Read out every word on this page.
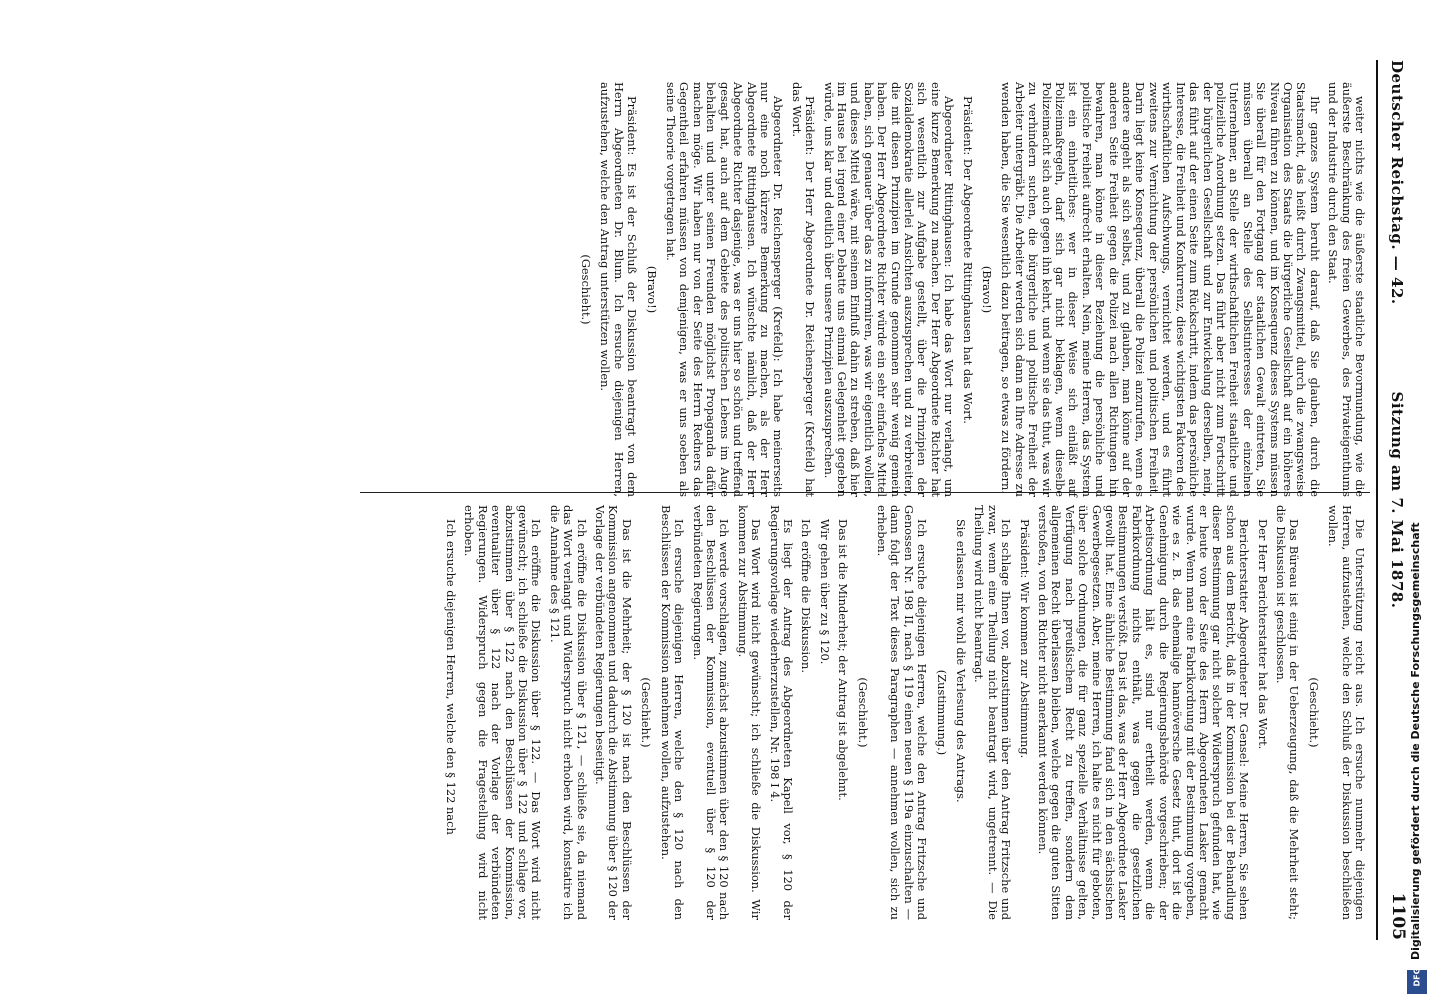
Deutscher Reichstag. — 42.
Sitzung am 7. Mai 1878.
1105

weiter nichts wie die äußerste staatliche Bevormundung, wie die äußerste Beschränkung des freien Gewerbes, des Privateigenthums und der Industrie durch den Staat.

Ihr ganzes System beruht darauf, daß Sie glauben, durch die Staatsmacht, das heißt durch Zwangsmittel, durch die zwangsweise Organisation des Staats die bürgerliche Gesellschaft auf ein höheres Niveau führen zu können, und im Konsequenz dieses Systems müssen Sie überall für den Fortgang der staatlichen Gewalt eintreten, Sie müssen überall an Stelle des Selbstinteresses der einzelnen Unternehmer, an Stelle der wirthschaftlichen Freiheit staatliche und polizeiliche Anordnung setzen. Das führt aber nicht zum Fortschritt der bürgerlichen Gesellschaft und zur Entwickelung derselben, nein, das führt auf der einen Seite zum Rückschritt, indem das persönliche Interesse, die Freiheit und Konkurrenz, diese wichtigsten Faktoren des wirthschaftlichen Aufschwungs, vernichtet werden, und es führt zweitens zur Vernichtung der persönlichen und politischen Freiheit. Darin liegt keine Konsequenz, überall die Polizei anzurufen, wenn es andere angeht als sich selbst, und zu glauben, man könne auf der anderen Seite Freiheit gegen die Polizei nach allen Richtungen hin bewahren, man könne in dieser Beziehung die persönliche und politische Freiheit aufrecht erhalten. Nein, meine Herren, das System ist ein einheitliches: wer in dieser Weise sich einläßt auf Polizeimaßregeln, darf sich gar nicht beklagen, wenn dieselbe Polizeimacht sich auch gegen ihn kehrt, und wenn sie das thut, was wir zu verhindern suchen, die bürgerliche und politische Freiheit der Arbeiter untergräbt. Die Arbeiter werden sich dann an Ihre Adresse zu wenden haben, die Sie wesentlich dazu beitragen, so etwas zu fördern.

(Bravo!)

Präsident: Der Abgeordnete Rittinghausen hat das Wort.

Abgeordneter Rittinghausen: Ich habe das Wort nur verlangt, um eine kurze Bemerkung zu machen. Der Herr Abgeordnete Richter hat sich wesentlich zur Aufgabe gestellt, über die Prinzipien der Sozialdemokratie allerlei Ansichten auszusprechen und zu verbreiten, die mit diesen Prinzipien im Grunde genommen sehr wenig gemein haben. Der Herr Abgeordnete Richter würde ein sehr einfaches Mittel haben, sich genauer über das zu informiren, was wir eigentlich wollen, und dieses Mittel wäre, mit seinem Einfluß dahin zu streben, daß hier im Hause bei irgend einer Debatte uns einmal Gelegenheit gegeben würde, uns klar und deutlich über unsere Prinzipien auszusprechen.

Präsident: Der Herr Abgeordnete Dr. Reichensperger (Krefeld) hat das Wort.

Abgeordneter Dr. Reichensperger (Krefeld): Ich habe meinerseits nur eine noch kürzere Bemerkung zu machen, als der Herr Abgeordnete Rittinghausen. Ich wünschte nämlich, daß der Herr Abgeordnete Richter dasjenige, was er uns hier so schön und treffend gesagt hat, auch auf dem Gebiete des politischen Lebens im Auge behalten und unter seinen Freunden möglichst Propaganda dafür machen möge. Wir haben nur von der Seite des Herrn Redners das Gegentheil erfahren müssen von demjenigen, was er uns soeben als seine Theorie vorgetragen hat.

(Bravo!)

Präsident: Es ist der Schluß der Diskussion beantragt von dem Herrn Abgeordneten Dr. Blum. Ich ersuche diejenigen Herren, aufzustehen, welche den Antrag unterstützen wollen.

(Geschieht.)

Die Unterstützung reicht aus. Ich ersuche nunmehr diejenigen Herren, aufzustehen, welche den Schluß der Diskussion beschließen wollen.

(Geschieht.)

Das Büreau ist einig in der Ueberzeugung, daß die Mehrheit steht; die Diskussion ist geschlossen.

Der Herr Berichterstatter hat das Wort.

Berichterstatter Abgeordneter Dr. Gensel: Meine Herren, Sie sehen schon aus dem Bericht, daß in der Kommission bei der Behandlung dieser Bestimmung gar nicht solcher Widerspruch gefunden hat, wie er heute von der Seite des Herrn Abgeordneten Lasker gemacht wurde. Wenn man eine Fabrikordnung mit der Bestimmung vorgeben, wie es z. B. das ehemalige hannöversche Gesetz thut, dort ist die Genehmigung durch die Regierungsbehörde vorgeschrieben; der Arbeitsordnung hält es, sind nur ertheilt werden, wenn die Fabrikordnung nichts enthält, was gegen die gesetzlichen Bestimmungen verstößt. Das ist das, was der Herr Abgeordnete Lasker gewollt hat. Eine ähnliche Bestimmung fand sich in den sächsischen Gewerbegesetzen. Aber, meine Herren, ich halte es nicht für geboten, über solche Ordnungen, die für ganz spezielle Verhältnisse gelten, Verfügung nach preußischem Recht zu treffen, sondern dem allgemeinen Recht überlassen bleiben, welche gegen die guten Sitten verstoßen, von den Richter nicht anerkannt werden können.

Präsident: Wir kommen zur Abstimmung.

Ich schlage Ihnen vor, abzustimmen über den Antrag Fritzsche und zwar, wenn eine Theilung nicht beantragt wird, ungetrennt. — Die Theilung wird nicht beantragt.

Sie erlassen mir wohl die Verlesung des Antrags.

(Zustimmung.)

Ich ersuche diejenigen Herren, welche den Antrag Fritzsche und Genossen Nr. 198 II, nach § 119 einen neuen § 119a einzuschalten — dann folgt der Text dieses Paragraphen — annehmen wollen, sich zu erheben.

(Geschieht.)

Das ist die Minderheit; der Antrag ist abgelehnt.

Wir gehen über zu § 120.

Ich eröffne die Diskussion.

Es liegt der Antrag des Abgeordneten Kapell vor, § 120 der Regierungsvorlage wiederherzustellen, Nr. 198 I 4.

Das Wort wird nicht gewünscht; ich schließe die Diskussion. Wir kommen zur Abstimmung.

Ich werde vorschlagen, zunächst abzustimmen über den § 120 nach den Beschlüssen der Kommission, eventuell über § 120 der verbündeten Regierungen.

Ich ersuche diejenigen Herren, welche den § 120 nach den Beschlüssen der Kommission annehmen wollen, aufzustehen.

(Geschieht.)

Das ist die Mehrheit; der § 120 ist nach den Beschlüssen der Kommission angenommen und dadurch die Abstimmung über § 120 der Vorlage der verbündeten Regierungen beseitigt.

Ich eröffne die Diskussion über § 121, — schließe sie, da niemand das Wort verlangt und Widerspruch nicht erhoben wird, konstatire ich die Annahme des § 121.

Ich eröffne die Diskussion über § 122. — Das Wort wird nicht gewünscht; ich schließe die Diskussion über § 122 und schlage vor, abzustimmen über § 122 nach den Beschlüssen der Kommission, eventualiter über § 122 nach der Vorlage der verbündeten Regierungen. Widerspruch gegen die Fragestellung wird nicht erhoben.

Ich ersuche diejenigen Herren, welche den § 122 nach	Digitalisierung gefördert durch die Deutsche Forschungsgemeinschaft
DFG
